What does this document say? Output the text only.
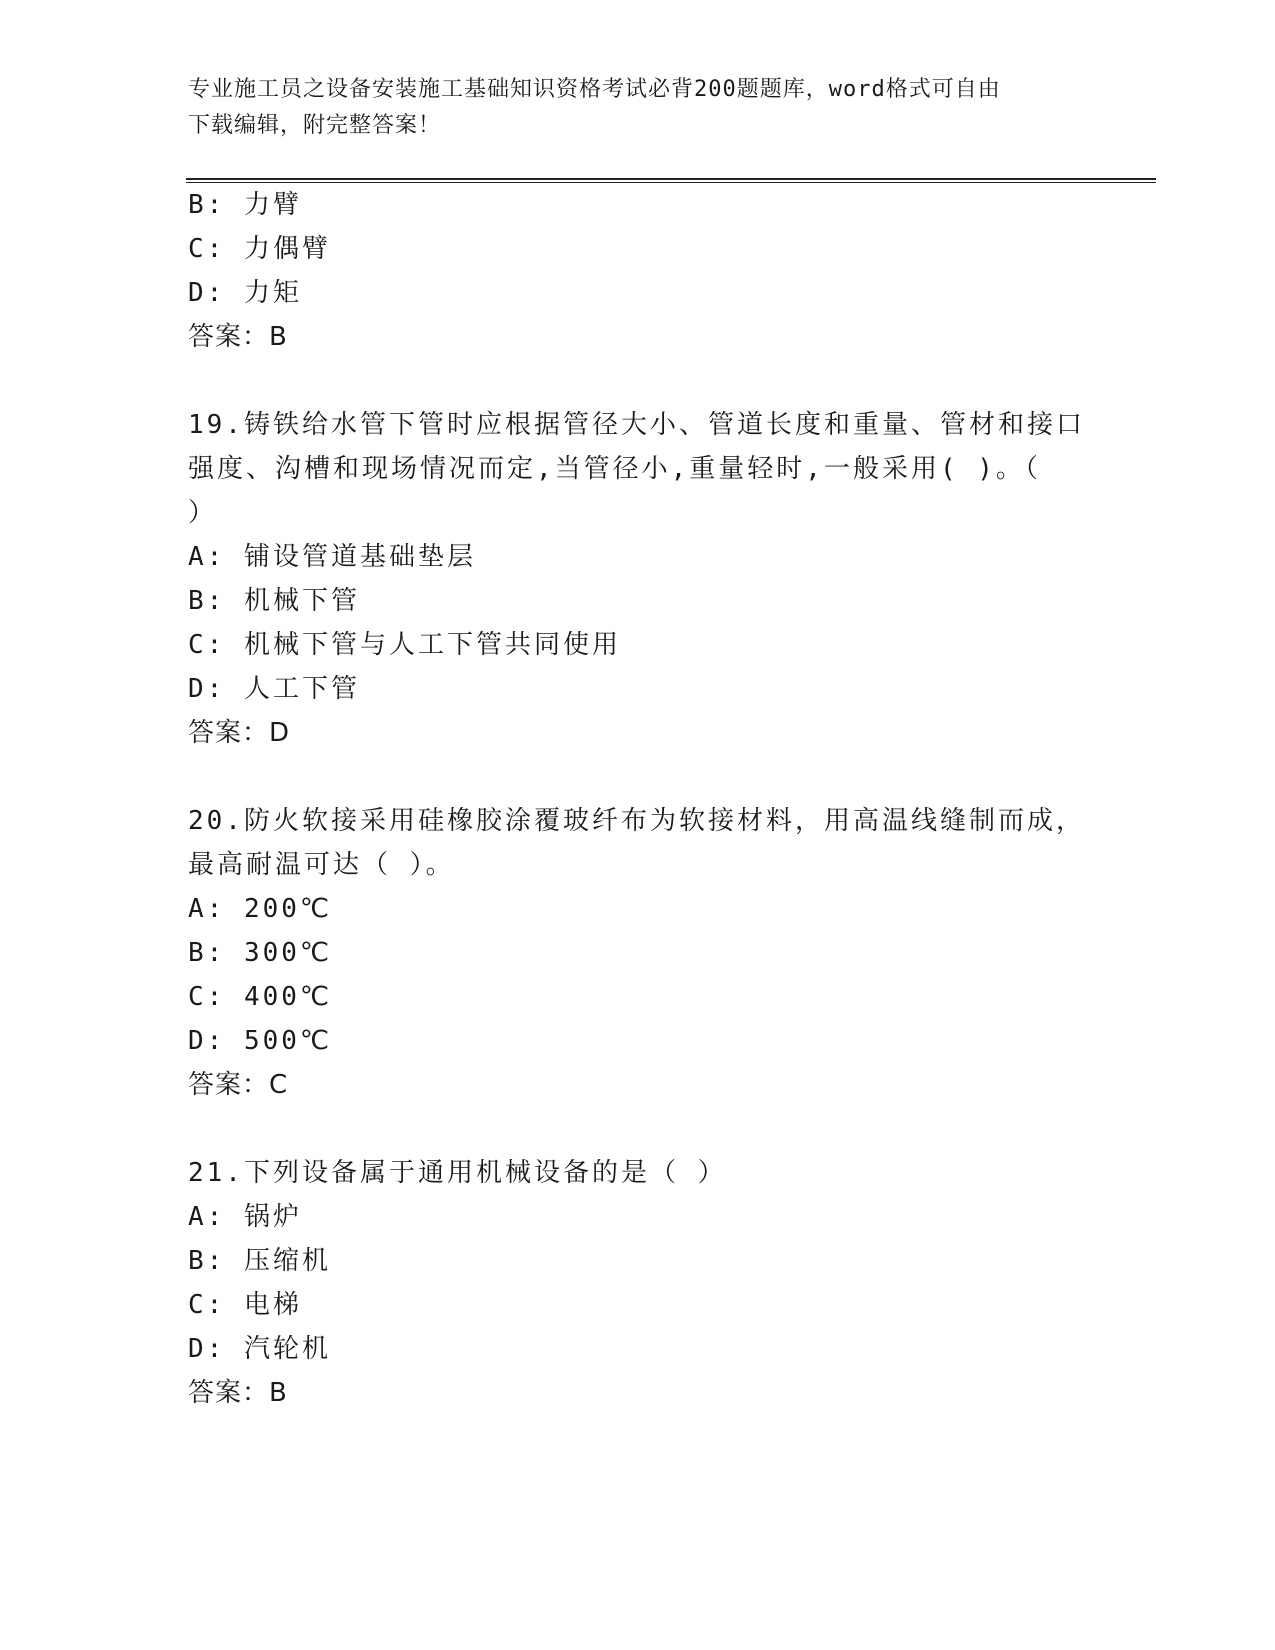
专业施工员之设备安装施工基础知识资格考试必背200题题库，word格式可自由
下载编辑，附完整答案！
B: 力臂
C: 力偶臂
D: 力矩
答案：B
19.铸铁给水管下管时应根据管径大小、管道长度和重量、管材和接口
强度、沟槽和现场情况而定,当管径小,重量轻时,一般采用( )。（
）
A: 铺设管道基础垫层
B: 机械下管
C: 机械下管与人工下管共同使用
D: 人工下管
答案：D
20.防火软接采用硅橡胶涂覆玻纤布为软接材料，用高温线缝制而成，
最高耐温可达（ ）。
A: 200℃
B: 300℃
C: 400℃
D: 500℃
答案：C
21.下列设备属于通用机械设备的是（ ）
A: 锅炉
B: 压缩机
C: 电梯
D: 汽轮机
答案：B
